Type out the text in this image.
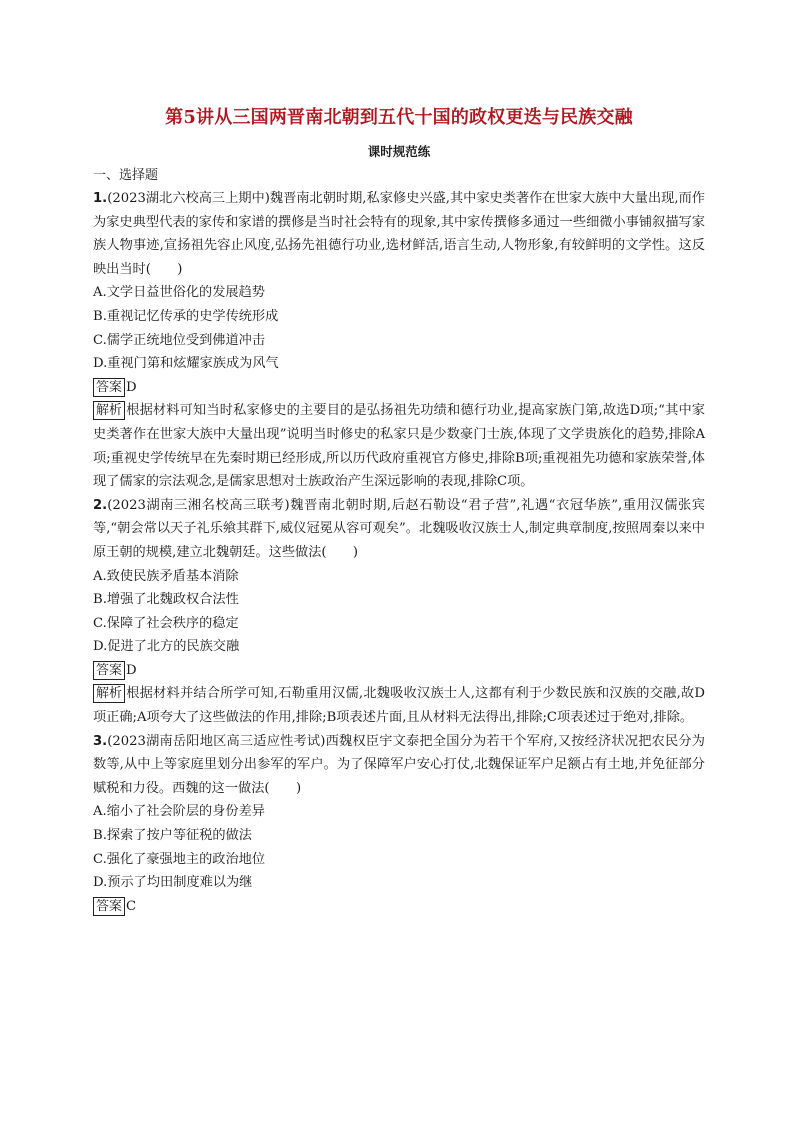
第5讲从三国两晋南北朝到五代十国的政权更迭与民族交融
课时规范练
一、选择题

1.(2023湖北六校高三上期中)魏晋南北朝时期,私家修史兴盛,其中家史类著作在世家大族中大量出现,而作为家史典型代表的家传和家谱的撰修是当时社会特有的现象,其中家传撰修多通过一些细微小事铺叙描写家族人物事迹,宣扬祖先容止风度,弘扬先祖德行功业,选材鲜活,语言生动,人物形象,有较鲜明的文学性。这反映出当时(　　)

A.文学日益世俗化的发展趋势

B.重视记忆传承的史学传统形成

C.儒学正统地位受到佛道冲击

D.重视门第和炫耀家族成为风气

答案 D

解析 根据材料可知当时私家修史的主要目的是弘扬祖先功绩和德行功业,提高家族门第,故选D项;“其中家史类著作在世家大族中大量出现”说明当时修史的私家只是少数豪门士族,体现了文学贵族化的趋势,排除A项;重视史学传统早在先秦时期已经形成,所以历代政府重视官方修史,排除B项;重视祖先功德和家族荣誉,体现了儒家的宗法观念,是儒家思想对士族政治产生深远影响的表现,排除C项。

2.(2023湖南三湘名校高三联考)魏晋南北朝时期,后赵石勒设“君子营”,礼遇“衣冠华族”,重用汉儒张宾等,“朝会常以天子礼乐飨其群下,威仪冠冕从容可观矣”。北魏吸收汉族士人,制定典章制度,按照周秦以来中原王朝的规模,建立北魏朝廷。这些做法(　　)

A.致使民族矛盾基本消除

B.增强了北魏政权合法性

C.保障了社会秩序的稳定

D.促进了北方的民族交融

答案 D

解析 根据材料并结合所学可知,石勒重用汉儒,北魏吸收汉族士人,这都有利于少数民族和汉族的交融,故D项正确;A项夸大了这些做法的作用,排除;B项表述片面,且从材料无法得出,排除;C项表述过于绝对,排除。

3.(2023湖南岳阳地区高三适应性考试)西魏权臣宇文泰把全国分为若干个军府,又按经济状况把农民分为数等,从中上等家庭里划分出参军的军户。为了保障军户安心打仗,北魏保证军户足额占有土地,并免征部分赋税和力役。西魏的这一做法(　　)

A.缩小了社会阶层的身份差异

B.探索了按户等征税的做法

C.强化了豪强地主的政治地位

D.预示了均田制度难以为继

答案 C
